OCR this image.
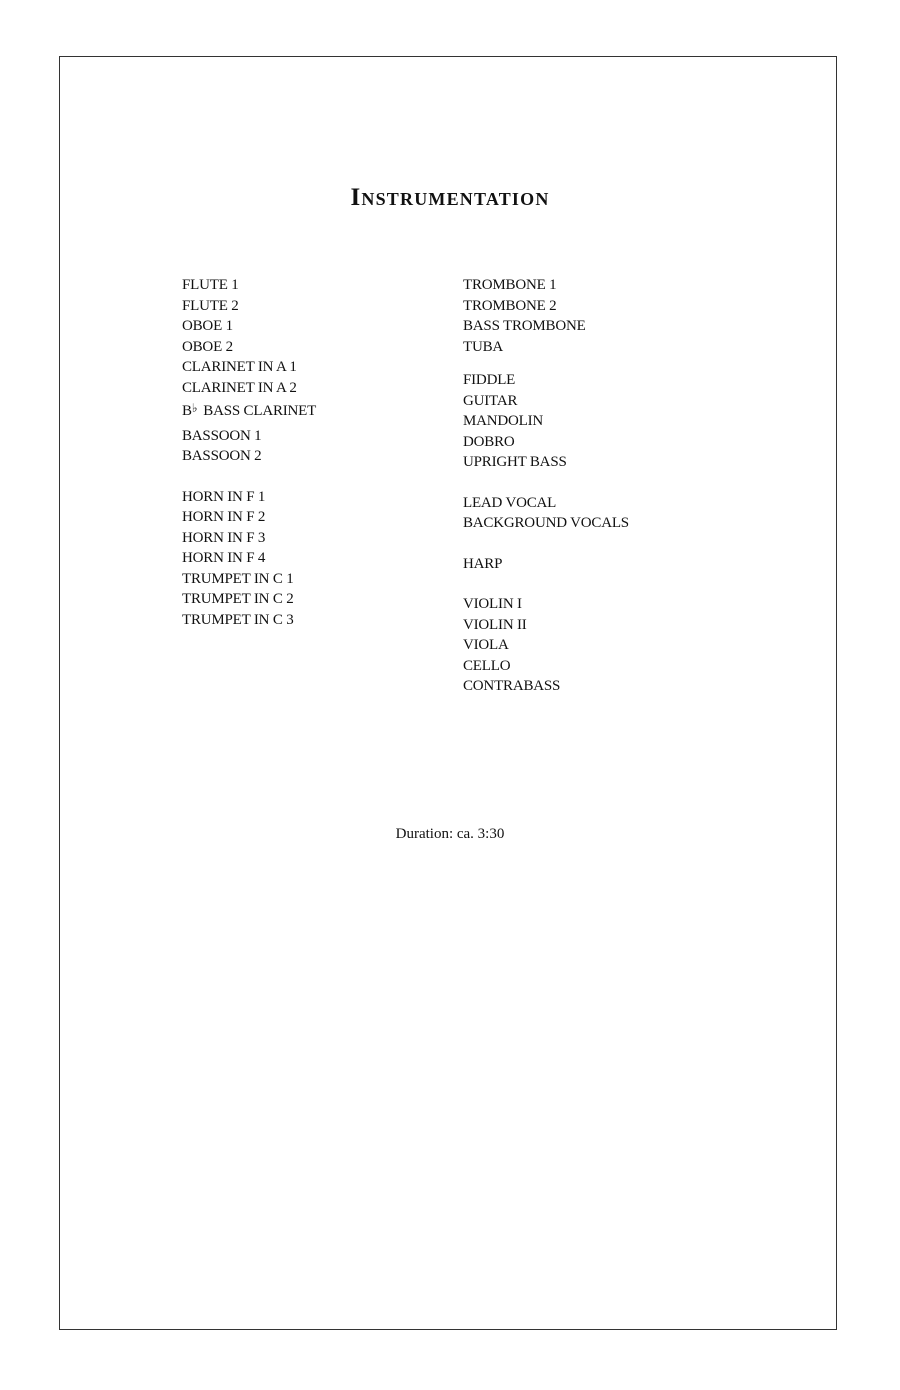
Instrumentation
FLUTE 1
FLUTE 2
OBOE 1
OBOE 2
CLARINET IN A 1
CLARINET IN A 2
B♭ BASS CLARINET
BASSOON 1
BASSOON 2
HORN IN F 1
HORN IN F 2
HORN IN F 3
HORN IN F 4
TRUMPET IN C 1
TRUMPET IN C 2
TRUMPET IN C 3
TROMBONE 1
TROMBONE 2
BASS TROMBONE
TUBA
FIDDLE
GUITAR
MANDOLIN
DOBRO
UPRIGHT BASS
LEAD VOCAL
BACKGROUND VOCALS
HARP
VIOLIN I
VIOLIN II
VIOLA
CELLO
CONTRABASS
Duration: ca. 3:30
